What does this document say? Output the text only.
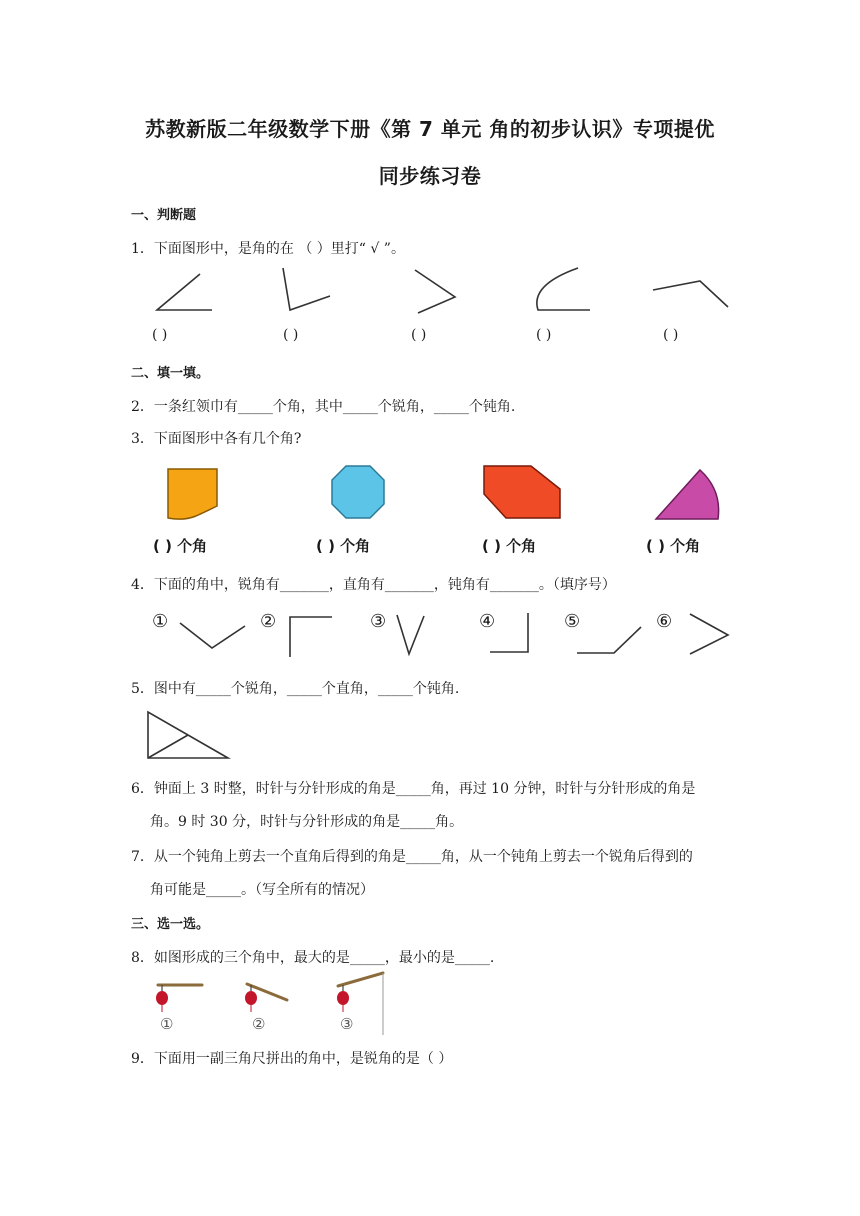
苏教新版二年级数学下册《第 7 单元 角的初步认识》专项提优
同步练习卷
一、判断题
1．下面图形中，是角的在 （ ）里打“ √ ”。
( )	( )	( )	( )	( )
二、填一填。
2．一条红领巾有_____个角，其中_____个锐角，_____个钝角.
3．下面图形中各有几个角?
( ) 个角	( ) 个角	( ) 个角	( ) 个角
4．下面的角中，锐角有_______，直角有_______，钝角有_______。（填序号）
①	②	③	④	⑤	⑥
5．图中有_____个锐角，_____个直角，_____个钝角.
6．钟面上 3 时整，时针与分针形成的角是_____角，再过 10 分钟，时针与分针形成的角是
角。9 时 30 分，时针与分针形成的角是_____角。
7．从一个钝角上剪去一个直角后得到的角是_____角，从一个钝角上剪去一个锐角后得到的
角可能是_____。（写全所有的情况）
三、选一选。
8．如图形成的三个角中，最大的是_____，最小的是_____.
①	②	③
9．下面用一副三角尺拼出的角中，是锐角的是（ ）
